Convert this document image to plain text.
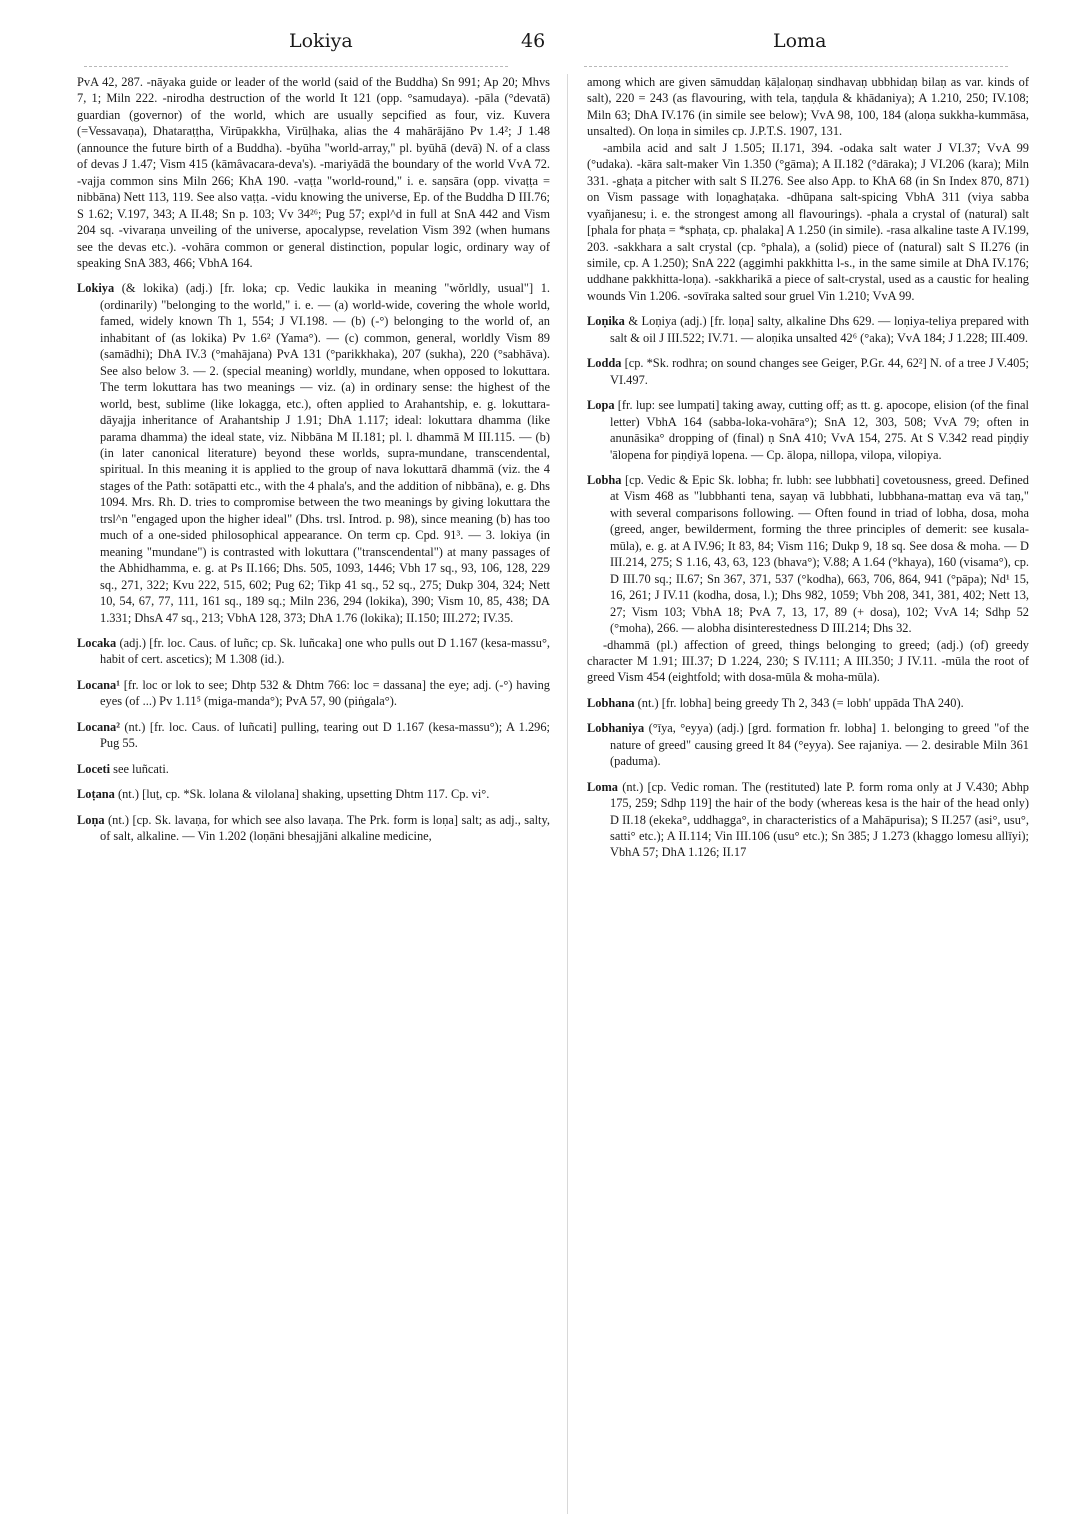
Lokiya	46	Loma

PvA 42, 287. -nāyaka guide or leader of the world (said of the Buddha) Sn 991; Ap 20; Mhvs 7, 1; Miln 222. -nirodha destruction of the world It 121 (opp. °samudaya). -pāla (°devatā) guardian (governor) of the world, which are usually sepcified as four, viz. Kuvera (=Vessavaṇa), Dhataraṭṭha, Virūpakkha, Virūḷhaka, alias the 4 mahārājāno Pv 1.4²; J 1.48 (announce the future birth of a Buddha). -byūha "world-array," pl. byūhā (devā) N. of a class of devas J 1.47; Vism 415 (kāmâvacara-deva's). -mariyādā the boundary of the world VvA 72. -vajja common sins Miln 266; KhA 190. -vaṭṭa "world-round," i. e. saṇsāra (opp. vivaṭṭa = nibbāna) Nett 113, 119. See also vaṭṭa. -vidu knowing the universe, Ep. of the Buddha D III.76; S 1.62; V.197, 343; A II.48; Sn p. 103; Vv 34²⁶; Pug 57; expl^d in full at SnA 442 and Vism 204 sq. -vivaraṇa unveiling of the universe, apocalypse, revelation Vism 392 (when humans see the devas etc.). -vohāra common or general distinction, popular logic, ordinary way of speaking SnA 383, 466; VbhA 164.

Lokiya (& lokika) (adj.) [fr. loka; cp. Vedic laukika in meaning "wŏrldly, usual"] 1. (ordinarily) "belonging to the world," i. e. — (a) world-wide, covering the whole world, famed, widely known Th 1, 554; J VI.198. — (b) (-°) belonging to the world of, an inhabitant of (as lokika) Pv 1.6² (Yama°). — (c) common, general, worldly Vism 89 (samādhi); DhA IV.3 (°mahājana) PvA 131 (°parikkhaka), 207 (sukha), 220 (°sabhāva). See also below 3. — 2. (special meaning) worldly, mundane, when opposed to lokuttara. The term lokuttara has two meanings — viz. (a) in ordinary sense: the highest of the world, best, sublime (like lokagga, etc.), often applied to Arahantship, e. g. lokuttara-dāyajja inheritance of Arahantship J 1.91; DhA 1.117; ideal: lokuttara dhamma (like parama dhamma) the ideal state, viz. Nibbāna M II.181; pl. l. dhammā M III.115. — (b) (in later canonical literature) beyond these worlds, supra-mundane, transcendental, spiritual. In this meaning it is applied to the group of nava lokuttarā dhammā (viz. the 4 stages of the Path: sotāpatti etc., with the 4 phala's, and the addition of nibbāna), e. g. Dhs 1094. Mrs. Rh. D. tries to compromise between the two meanings by giving lokuttara the trsl^n "engaged upon the higher ideal" (Dhs. trsl. Introd. p. 98), since meaning (b) has too much of a one-sided philosophical appearance. On term cp. Cpd. 91³. — 3. lokiya (in meaning "mundane") is contrasted with lokuttara ("transcendental") at many passages of the Abhidhamma, e. g. at Ps II.166; Dhs. 505, 1093, 1446; Vbh 17 sq., 93, 106, 128, 229 sq., 271, 322; Kvu 222, 515, 602; Pug 62; Tikp 41 sq., 52 sq., 275; Dukp 304, 324; Nett 10, 54, 67, 77, 111, 161 sq., 189 sq.; Miln 236, 294 (lokika), 390; Vism 10, 85, 438; DA 1.331; DhsA 47 sq., 213; VbhA 128, 373; DhA 1.76 (lokika); II.150; III.272; IV.35.

Locaka (adj.) [fr. loc. Caus. of luñc; cp. Sk. luñcaka] one who pulls out D 1.167 (kesa-massu°, habit of cert. ascetics); M 1.308 (id.).

Locana¹ [fr. loc or lok to see; Dhtp 532 & Dhtm 766: loc = dassana] the eye; adj. (-°) having eyes (of ...) Pv 1.11⁵ (miga-manda°); PvA 57, 90 (piṅgala°).

Locana² (nt.) [fr. loc. Caus. of luñcati] pulling, tearing out D 1.167 (kesa-massu°); A 1.296; Pug 55.

Loceti see luñcati.

Loṭana (nt.) [luṭ, cp. *Sk. lolana & vilolana] shaking, upsetting Dhtm 117. Cp. vi°.

Loṇa (nt.) [cp. Sk. lavaṇa, for which see also lavaṇa. The Prk. form is loṇa] salt; as adj., salty, of salt, alkaline. — Vin 1.202 (loṇāni bhesajjāni alkaline medicine,

among which are given sāmuddaṇ kāḷaloṇaṇ sindhavaṇ ubbhidaṇ bilaṇ as var. kinds of salt), 220 = 243 (as flavouring, with tela, taṇḍula & khādaniya); A 1.210, 250; IV.108; Miln 63; DhA IV.176 (in simile see below); VvA 98, 100, 184 (aloṇa sukkha-kummāsa, unsalted). On loṇa in similes cp. J.P.T.S. 1907, 131.

-ambila acid and salt J 1.505; II.171, 394. -odaka salt water J VI.37; VvA 99 (°udaka). -kāra salt-maker Vin 1.350 (°gāma); A II.182 (°dāraka); J VI.206 (kara); Miln 331. -ghaṭa a pitcher with salt S II.276. See also App. to KhA 68 (in Sn Index 870, 871) on Vism passage with loṇaghaṭaka. -dhūpana salt-spicing VbhA 311 (viya sabba vyañjanesu; i. e. the strongest among all flavourings). -phala a crystal of (natural) salt [phala for phaṭa = *sphaṭa, cp. phalaka] A 1.250 (in simile). -rasa alkaline taste A IV.199, 203. -sakkhara a salt crystal (cp. °phala), a (solid) piece of (natural) salt S II.276 (in simile, cp. A 1.250); SnA 222 (aggimhi pakkhitta l-s., in the same simile at DhA IV.176; uddhane pakkhitta-loṇa). -sakkharikā a piece of salt-crystal, used as a caustic for healing wounds Vin 1.206. -sovīraka salted sour gruel Vin 1.210; VvA 99.

Loṇika & Loṇiya (adj.) [fr. loṇa] salty, alkaline Dhs 629. — loṇiya-teliya prepared with salt & oil J III.522; IV.71. — aloṇika unsalted 42⁶ (°aka); VvA 184; J 1.228; III.409.

Lodda [cp. *Sk. rodhra; on sound changes see Geiger, P.Gr. 44, 62²] N. of a tree J V.405; VI.497.

Lopa [fr. lup: see lumpati] taking away, cutting off; as tt. g. apocope, elision (of the final letter) VbhA 164 (sabba-loka-vohāra°); SnA 12, 303, 508; VvA 79; often in anunāsika° dropping of (final) ṇ SnA 410; VvA 154, 275. At S V.342 read piṇḍiy 'ālopena for piṇḍiyā lopena. — Cp. ālopa, nillopa, vilopa, vilopiya.

Lobha [cp. Vedic & Epic Sk. lobha; fr. lubh: see lubbhati] covetousness, greed. Defined at Vism 468 as "lubbhanti tena, sayaṇ vā lubbhati, lubbhana-mattaṇ eva vā taṇ," with several comparisons following. — Often found in triad of lobha, dosa, moha (greed, anger, bewilderment, forming the three principles of demerit: see kusala-mūla), e. g. at A IV.96; It 83, 84; Vism 116; Dukp 9, 18 sq. See dosa & moha. — D III.214, 275; S 1.16, 43, 63, 123 (bhava°); V.88; A 1.64 (°khaya), 160 (visama°), cp. D III.70 sq.; II.67; Sn 367, 371, 537 (°kodha), 663, 706, 864, 941 (°pāpa); Nd¹ 15, 16, 261; J IV.11 (kodha, dosa, l.); Dhs 982, 1059; Vbh 208, 341, 381, 402; Nett 13, 27; Vism 103; VbhA 18; PvA 7, 13, 17, 89 (+ dosa), 102; VvA 14; Sdhp 52 (°moha), 266. — alobha disinterestedness D III.214; Dhs 32.

-dhammā (pl.) affection of greed, things belonging to greed; (adj.) (of) greedy character M 1.91; III.37; D 1.224, 230; S IV.111; A III.350; J IV.11. -mūla the root of greed Vism 454 (eightfold; with dosa-mūla & moha-mūla).

Lobhana (nt.) [fr. lobha] being greedy Th 2, 343 (= lobh' uppāda ThA 240).

Lobhaniya (°īya, °eyya) (adj.) [grd. formation fr. lobha] 1. belonging to greed "of the nature of greed" causing greed It 84 (°eyya). See rajaniya. — 2. desirable Miln 361 (paduma).

Loma (nt.) [cp. Vedic roman. The (restituted) late P. form roma only at J V.430; Abhp 175, 259; Sdhp 119] the hair of the body (whereas kesa is the hair of the head only) D II.18 (ekeka°, uddhagga°, in characteristics of a Mahāpurisa); S II.257 (asi°, usu°, satti° etc.); A II.114; Vin III.106 (usu° etc.); Sn 385; J 1.273 (khaggo lomesu allīyi); VbhA 57; DhA 1.126; II.17
